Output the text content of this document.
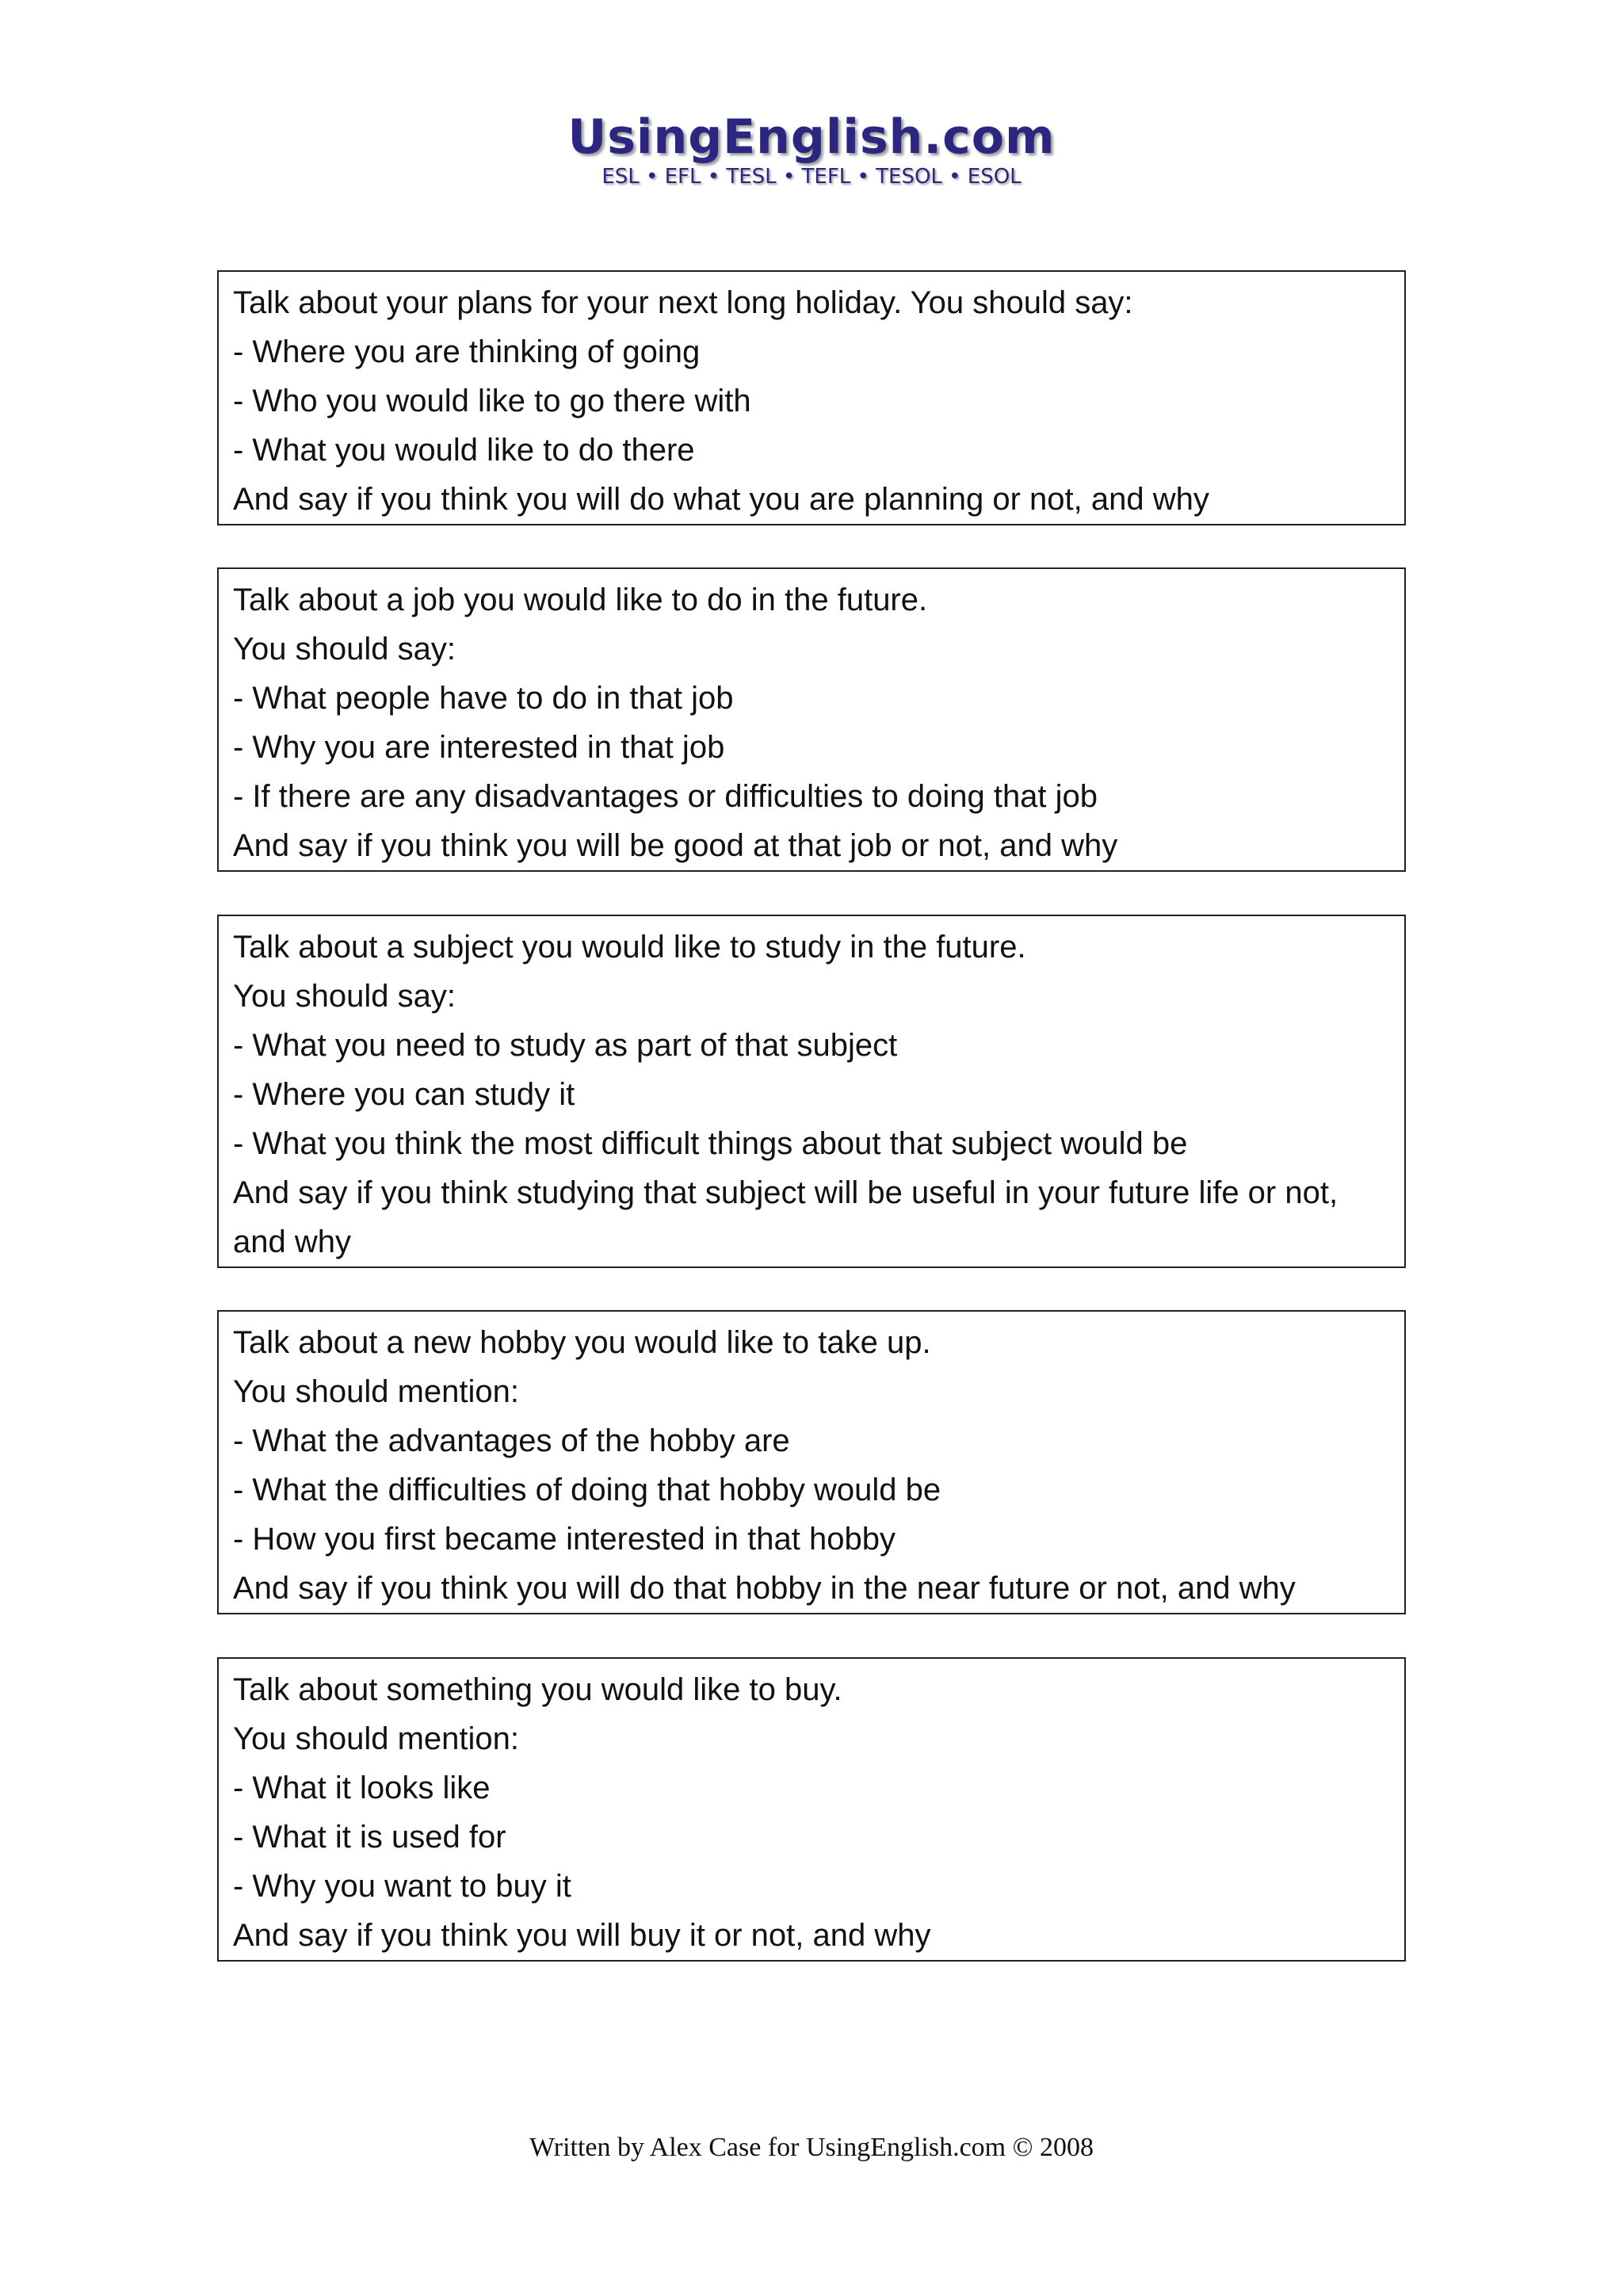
UsingEnglish.com
ESL • EFL • TESL • TEFL • TESOL • ESOL
Talk about your plans for your next long holiday. You should say:
- Where you are thinking of going
- Who you would like to go there with
- What you would like to do there
And say if you think you will do what you are planning or not, and why
Talk about a job you would like to do in the future.
You should say:
- What people have to do in that job
- Why you are interested in that job
- If there are any disadvantages or difficulties to doing that job
And say if you think you will be good at that job or not, and why
Talk about a subject you would like to study in the future.
You should say:
- What you need to study as part of that subject
- Where you can study it
- What you think the most difficult things about that subject would be
And say if you think studying that subject will be useful in your future life or not, and why
Talk about a new hobby you would like to take up.
You should mention:
- What the advantages of the hobby are
- What the difficulties of doing that hobby would be
- How you first became interested in that hobby
And say if you think you will do that hobby in the near future or not, and why
Talk about something you would like to buy.
You should mention:
- What it looks like
- What it is used for
- Why you want to buy it
And say if you think you will buy it or not, and why
Written by Alex Case for UsingEnglish.com © 2008
